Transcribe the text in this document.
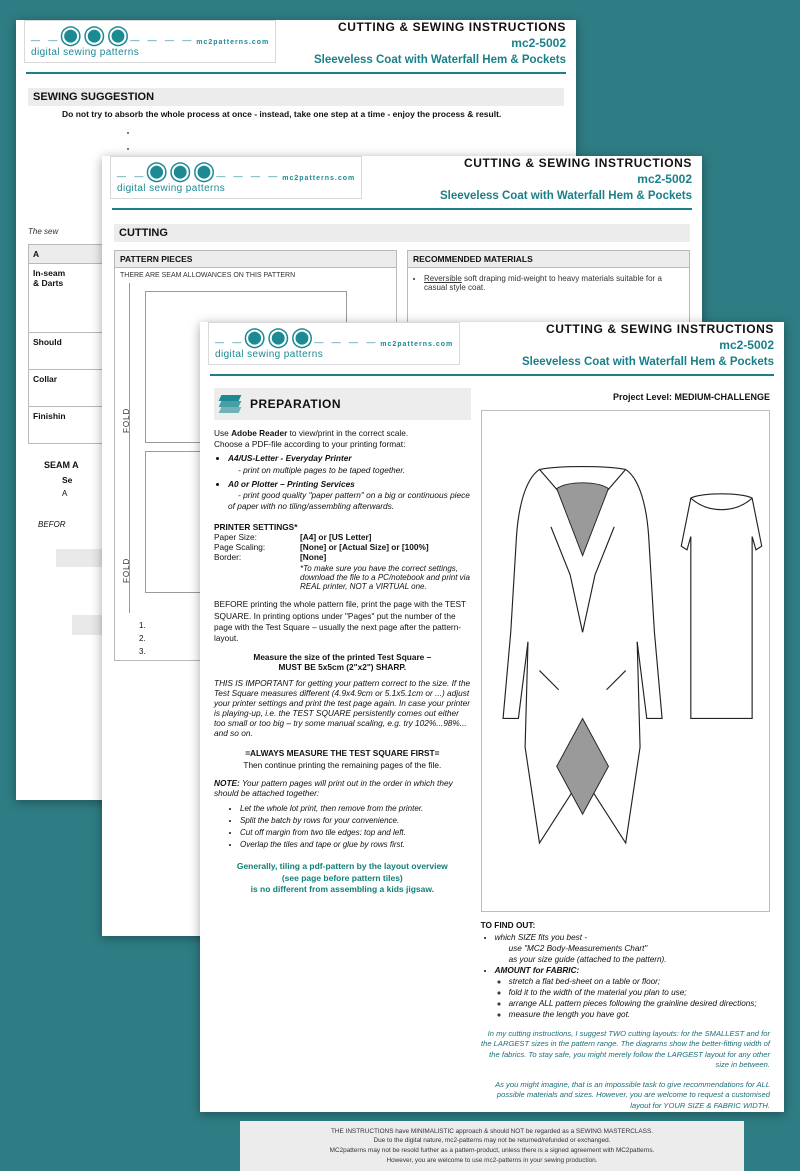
_ _ ◉◉◉ _ _ _ _ mc2patterns.com
digital sewing patterns
CUTTING & SEWING INSTRUCTIONS
mc2-5002
Sleeveless Coat with Waterfall Hem & Pockets
SEWING SUGGESTION
Do not try to absorb the whole process at once - instead, take one step at a time - enjoy the process & result.
•
•
•
•
•
•
The sew
A
In-seam
& Darts
Should
Collar
Finishin
SEAM A
Se
A
BEFOR
_ _ ◉◉◉ _ _ _ _ mc2patterns.com
digital sewing patterns
CUTTING & SEWING INSTRUCTIONS
mc2-5002
Sleeveless Coat with Waterfall Hem & Pockets
CUTTING
PATTERN PIECES
THERE ARE SEAM ALLOWANCES ON THIS PATTERN
FOLD
FOLD
1.
2.
3.
RECOMMENDED MATERIALS
• Reversible soft draping mid-weight to heavy materials suitable for a casual style coat.
_ _ ◉◉◉ _ _ _ _ mc2patterns.com
digital sewing patterns
CUTTING & SEWING INSTRUCTIONS
mc2-5002
Sleeveless Coat with Waterfall Hem & Pockets
PREPARATION
Use Adobe Reader to view/print in the correct scale.
Choose a PDF-file according to your printing format:
• A4/US-Letter - Everyday Printer
- print on multiple pages to be taped together.
• A0 or Plotter – Printing Services
- print good quality "paper pattern" on a big or continuous piece of paper with no tiling/assembling afterwards.
PRINTER SETTINGS*
Paper Size:	[A4] or [US Letter]
Page Scaling:	[None] or [Actual Size] or [100%]
Border:	[None]
*To make sure you have the correct settings, download the file to a PC/notebook and print via REAL printer, NOT a VIRTUAL one.
BEFORE printing the whole pattern file, print the page with the TEST SQUARE. In printing options under "Pages" put the number of the page with the Test Square – usually the next page after the pattern-layout.
Measure the size of the printed Test Square –
MUST BE 5x5cm (2"x2") SHARP.
THIS IS IMPORTANT for getting your pattern correct to the size. If the Test Square measures different (4.9x4.9cm or 5.1x5.1cm or ...) adjust your printer settings and print the test page again. In case your printer is playing-up, i.e. the TEST SQUARE persistently comes out either too small or too big – try some manual scaling, e.g. try 102%...98%... and so on.
=ALWAYS MEASURE THE TEST SQUARE FIRST=
Then continue printing the remaining pages of the file.
NOTE: Your pattern pages will print out in the order in which they should be attached together:
• Let the whole lot print, then remove from the printer.
• Split the batch by rows for your convenience.
• Cut off margin from two tile edges: top and left.
• Overlap the tiles and tape or glue by rows first.
Generally, tiling a pdf-pattern by the layout overview
(see page before pattern tiles)
is no different from assembling a kids jigsaw.
Project Level: MEDIUM-CHALLENGE
TO FIND OUT:
• which SIZE fits you best -
use "MC2 Body-Measurements Chart"
as your size guide (attached to the pattern).
• AMOUNT for FABRIC:
◦ stretch a flat bed-sheet on a table or floor;
◦ fold it to the width of the material you plan to use;
◦ arrange ALL pattern pieces following the grainline desired directions;
◦ measure the length you have got.
In my cutting instructions, I suggest TWO cutting layouts: for the SMALLEST and for the LARGEST sizes in the pattern range. The diagrams show the better-fitting width of the fabrics. To stay safe, you might merely follow the LARGEST layout for any other size in between.
As you might imagine, that is an impossible task to give recommendations for ALL possible materials and sizes. However, you are welcome to request a customised layout for YOUR SIZE & FABRIC WIDTH.
THE INSTRUCTIONS have MINIMALISTIC approach & should NOT be regarded as a SEWING MASTERCLASS.
Due to the digital nature, mc2-patterns may not be returned/refunded or exchanged.
MC2patterns may not be resold further as a pattern-product, unless there is a signed agreement with MC2patterns.
However, you are welcome to use mc2-patterns in your sewing production.
